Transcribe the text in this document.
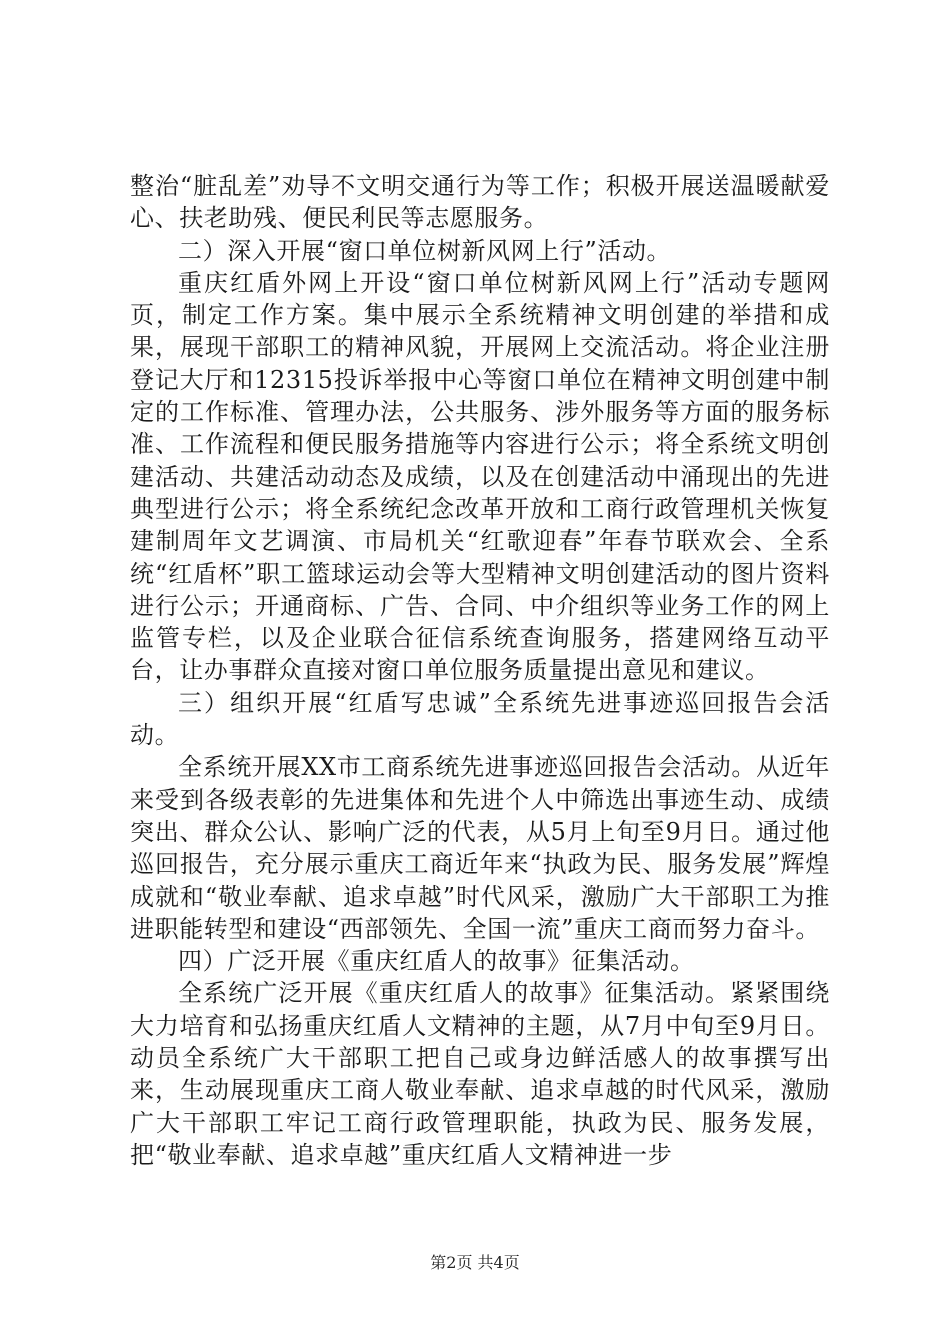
整治“脏乱差”劝导不文明交通行为等工作；积极开展送温暖献爱心、扶老助残、便民利民等志愿服务。

二）深入开展“窗口单位树新风网上行”活动。

重庆红盾外网上开设“窗口单位树新风网上行”活动专题网页，制定工作方案。集中展示全系统精神文明创建的举措和成果，展现干部职工的精神风貌，开展网上交流活动。将企业注册登记大厅和12315投诉举报中心等窗口单位在精神文明创建中制定的工作标准、管理办法，公共服务、涉外服务等方面的服务标准、工作流程和便民服务措施等内容进行公示；将全系统文明创建活动、共建活动动态及成绩，以及在创建活动中涌现出的先进典型进行公示；将全系统纪念改革开放和工商行政管理机关恢复建制周年文艺调演、市局机关“红歌迎春”年春节联欢会、全系统“红盾杯”职工篮球运动会等大型精神文明创建活动的图片资料进行公示；开通商标、广告、合同、中介组织等业务工作的网上监管专栏，以及企业联合征信系统查询服务，搭建网络互动平台，让办事群众直接对窗口单位服务质量提出意见和建议。

三）组织开展“红盾写忠诚”全系统先进事迹巡回报告会活动。

全系统开展XX市工商系统先进事迹巡回报告会活动。从近年来受到各级表彰的先进集体和先进个人中筛选出事迹生动、成绩突出、群众公认、影响广泛的代表，从5月上旬至9月日。通过他巡回报告，充分展示重庆工商近年来“执政为民、服务发展”辉煌成就和“敬业奉献、追求卓越”时代风采，激励广大干部职工为推进职能转型和建设“西部领先、全国一流”重庆工商而努力奋斗。

四）广泛开展《重庆红盾人的故事》征集活动。

全系统广泛开展《重庆红盾人的故事》征集活动。紧紧围绕大力培育和弘扬重庆红盾人文精神的主题，从7月中旬至9月日。动员全系统广大干部职工把自己或身边鲜活感人的故事撰写出来，生动展现重庆工商人敬业奉献、追求卓越的时代风采，激励广大干部职工牢记工商行政管理职能，执政为民、服务发展，把“敬业奉献、追求卓越”重庆红盾人文精神进一步

第2页 共4页
